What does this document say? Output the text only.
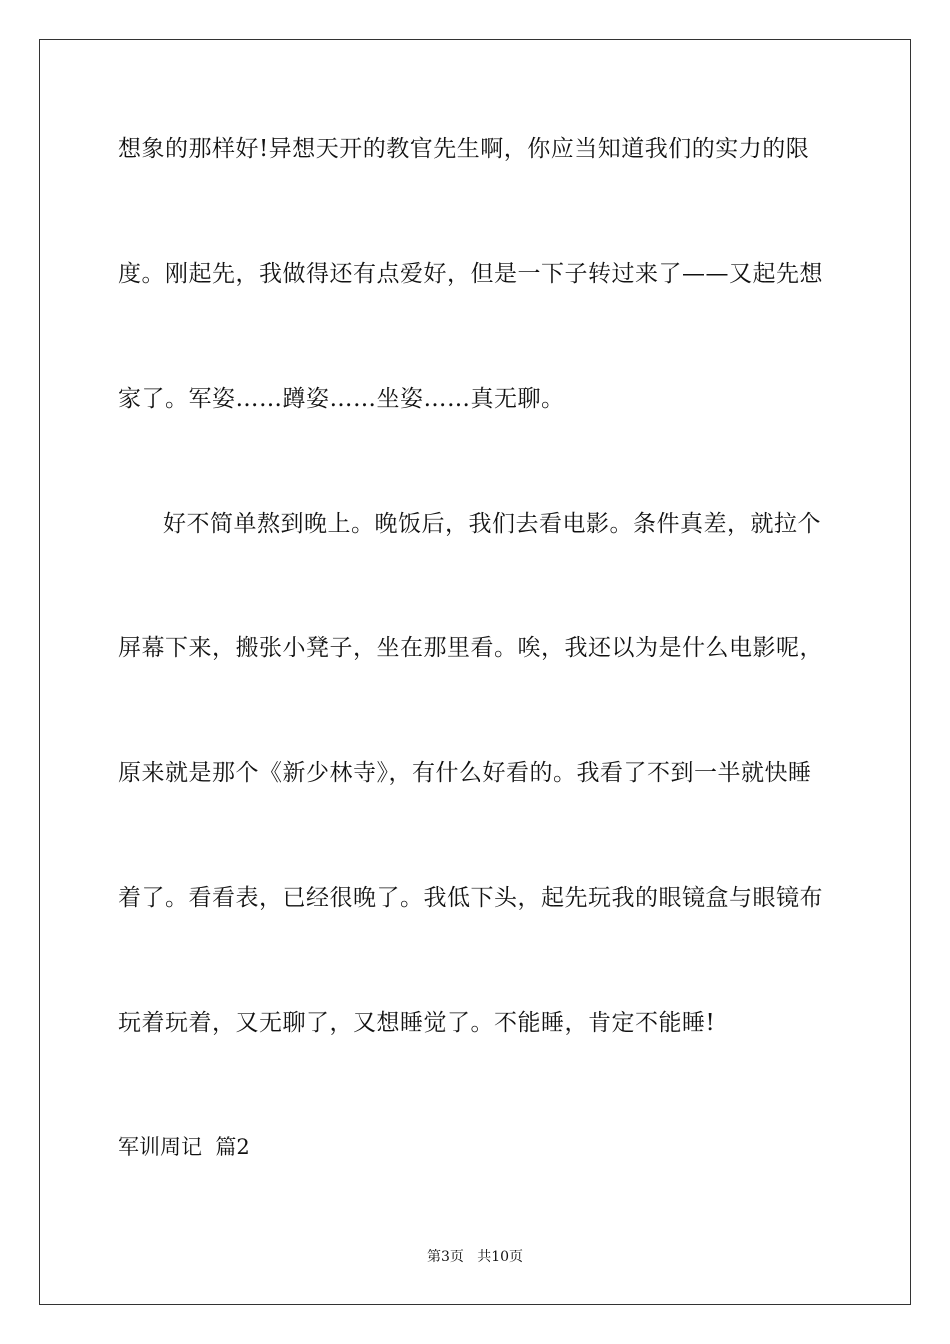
想象的那样好!异想天开的教官先生啊，你应当知道我们的实力的限
度。刚起先，我做得还有点爱好，但是一下子转过来了——又起先想
家了。军姿……蹲姿……坐姿……真无聊。
好不简单熬到晚上。晚饭后，我们去看电影。条件真差，就拉个
屏幕下来，搬张小凳子，坐在那里看。唉，我还以为是什么电影呢，
原来就是那个《新少林寺》，有什么好看的。我看了不到一半就快睡
着了。看看表，已经很晚了。我低下头，起先玩我的眼镜盒与眼镜布
玩着玩着，又无聊了，又想睡觉了。不能睡，肯定不能睡!
军训周记  篇2
第3页   共10页
